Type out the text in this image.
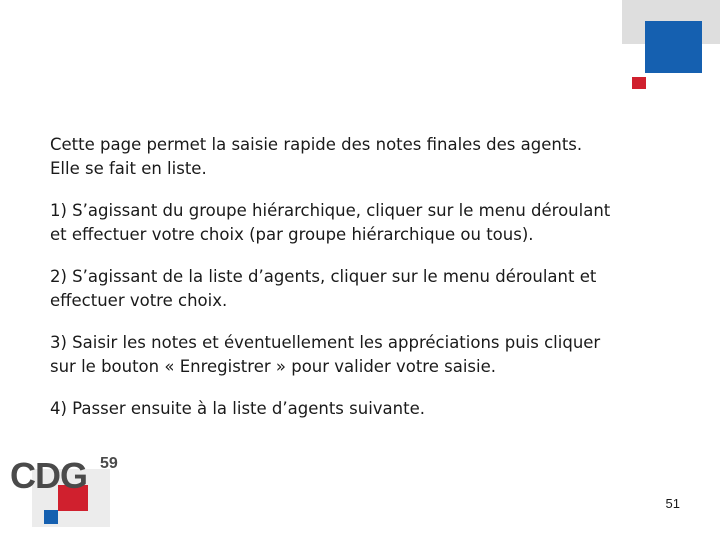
Cette page permet la saisie rapide des notes finales des agents.
Elle se fait en liste.

1) S’agissant du groupe hiérarchique, cliquer sur le menu déroulant
et effectuer votre choix (par groupe hiérarchique ou tous).

2) S’agissant de la liste d’agents, cliquer sur le menu déroulant et
effectuer votre choix.

3) Saisir les notes et éventuellement les appréciations puis cliquer
sur le bouton « Enregistrer » pour valider votre saisie.

4) Passer ensuite à la liste d’agents suivante.

CDG 59
51
